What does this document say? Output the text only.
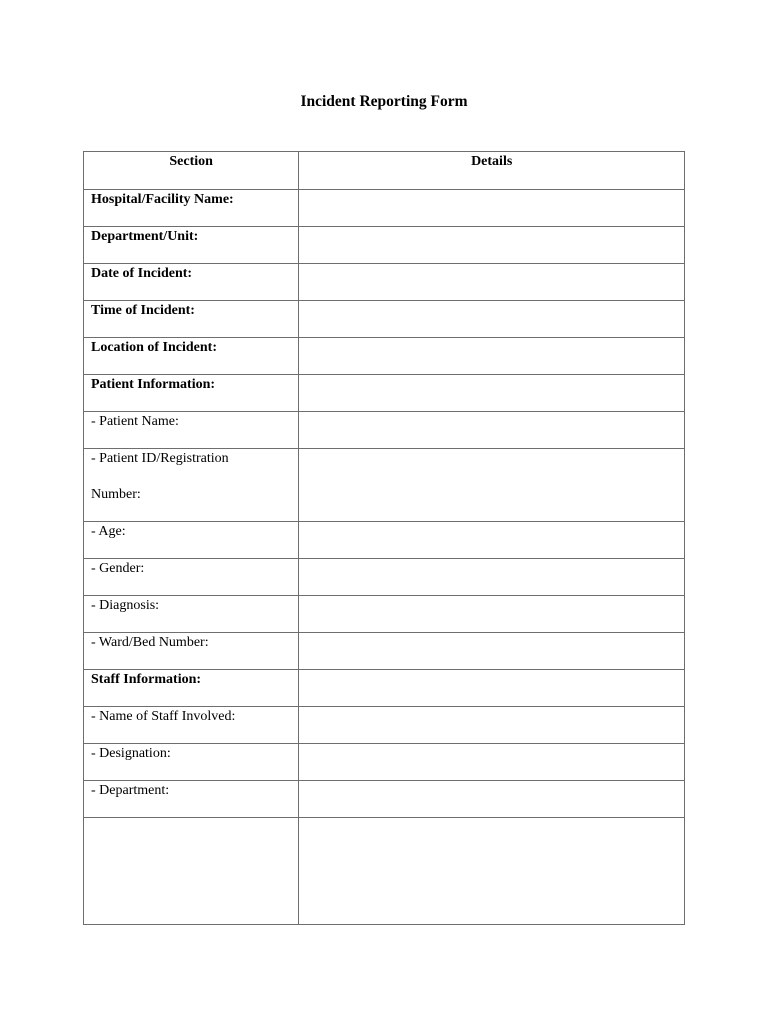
Incident Reporting Form
Section	Details
Hospital/Facility Name:	
Department/Unit:	
Date of Incident:	
Time of Incident:	
Location of Incident:	
Patient Information:	
- Patient Name:	

- Patient ID/Registration
Number:	

- Age:	
- Gender:	
- Diagnosis:	
- Ward/Bed Number:	
Staff Information:	
- Name of Staff Involved:	
- Designation:	
- Department:	
